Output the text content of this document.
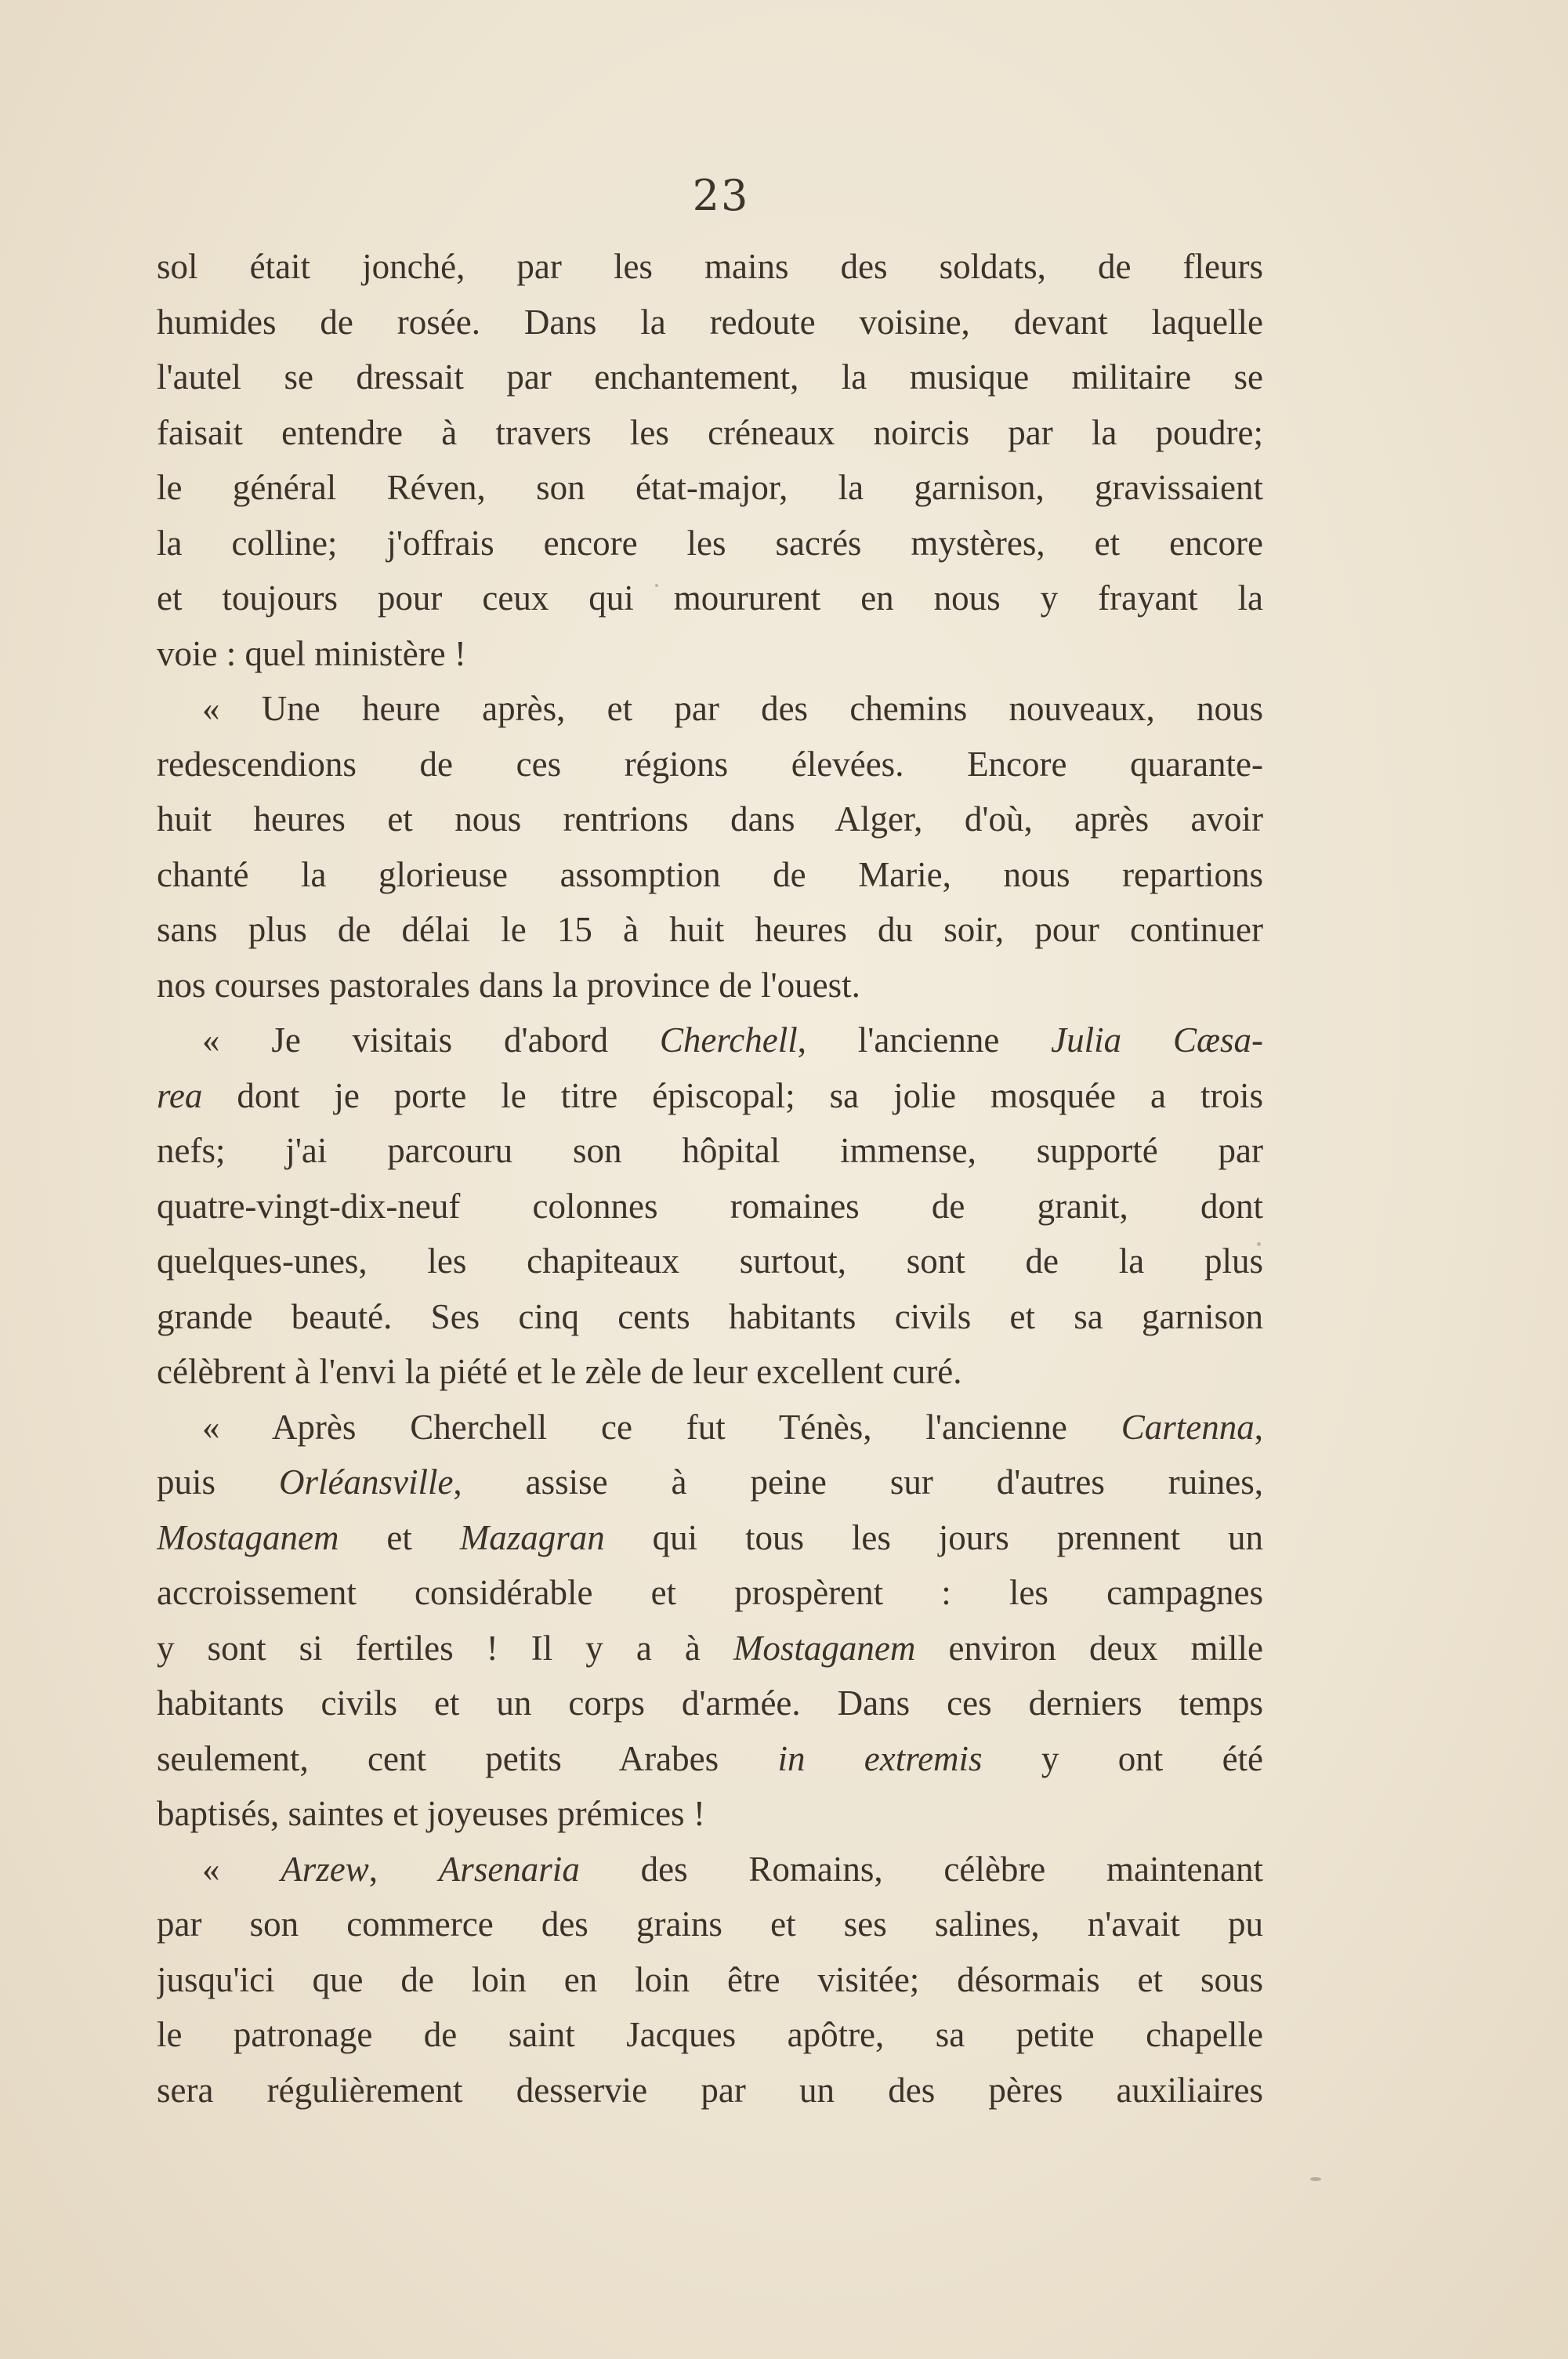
23
sol était jonché, par les mains des soldats, de fleurs
humides de rosée. Dans la redoute voisine, devant laquelle
l'autel se dressait par enchantement, la musique militaire se
faisait entendre à travers les créneaux noircis par la poudre;
le général Réven, son état-major, la garnison, gravissaient
la colline; j'offrais encore les sacrés mystères, et encore
et toujours pour ceux qui moururent en nous y frayant la
voie : quel ministère !
« Une heure après, et par des chemins nouveaux, nous
redescendions de ces régions élevées. Encore quarante-
huit heures et nous rentrions dans Alger, d'où, après avoir
chanté la glorieuse assomption de Marie, nous repartions
sans plus de délai le 15 à huit heures du soir, pour continuer
nos courses pastorales dans la province de l'ouest.
« Je visitais d'abord Cherchell, l'ancienne Julia Cæsa-
rea dont je porte le titre épiscopal; sa jolie mosquée a trois
nefs; j'ai parcouru son hôpital immense, supporté par
quatre-vingt-dix-neuf colonnes romaines de granit, dont
quelques-unes, les chapiteaux surtout, sont de la plus
grande beauté. Ses cinq cents habitants civils et sa garnison
célèbrent à l'envi la piété et le zèle de leur excellent curé.
« Après Cherchell ce fut Ténès, l'ancienne Cartenna,
puis Orléansville, assise à peine sur d'autres ruines,
Mostaganem et Mazagran qui tous les jours prennent un
accroissement considérable et prospèrent : les campagnes
y sont si fertiles ! Il y a à Mostaganem environ deux mille
habitants civils et un corps d'armée. Dans ces derniers temps
seulement, cent petits Arabes in extremis y ont été
baptisés, saintes et joyeuses prémices !
« Arzew, Arsenaria des Romains, célèbre maintenant
par son commerce des grains et ses salines, n'avait pu
jusqu'ici que de loin en loin être visitée; désormais et sous
le patronage de saint Jacques apôtre, sa petite chapelle
sera régulièrement desservie par un des pères auxiliaires
